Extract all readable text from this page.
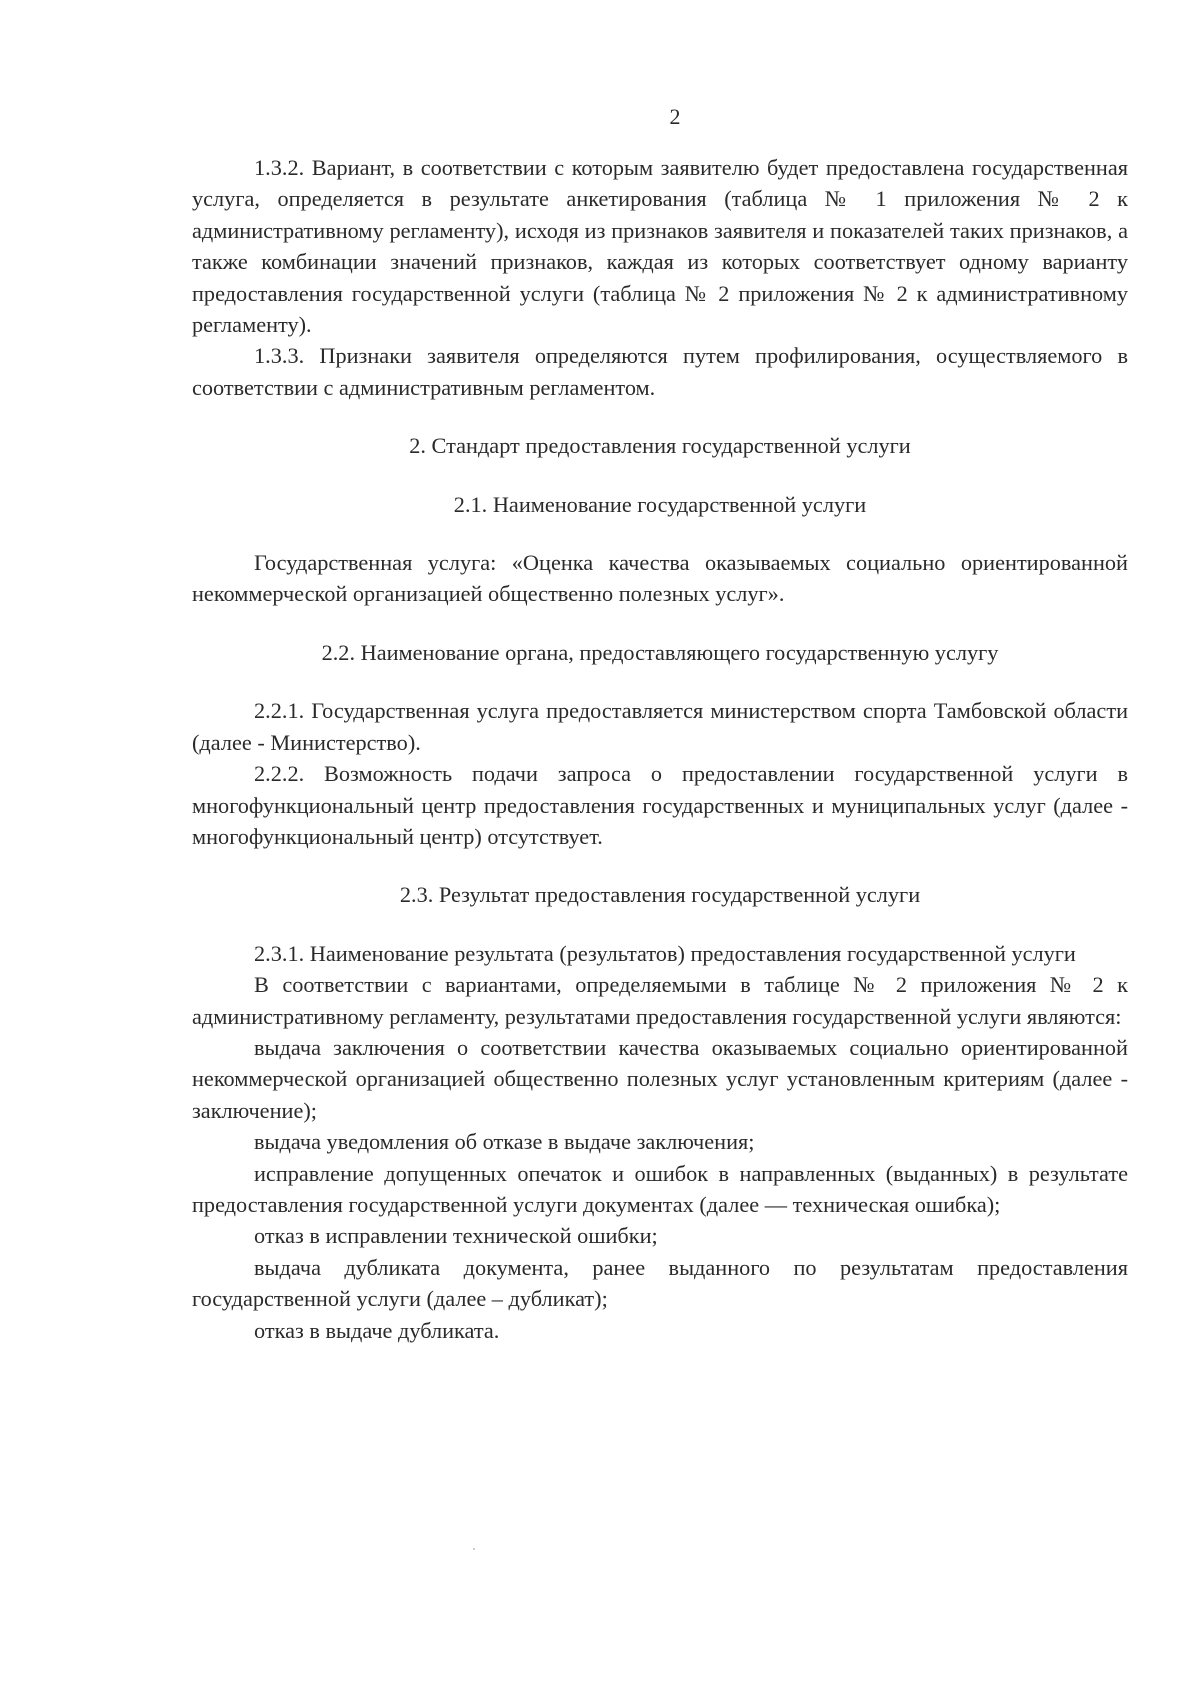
2

1.3.2. Вариант, в соответствии с которым заявителю будет предоставлена государственная услуга, определяется в результате анкетирования (таблица № 1 приложения № 2 к административному регламенту), исходя из признаков заявителя и показателей таких признаков, а также комбинации значений признаков, каждая из которых соответствует одному варианту предоставления государственной услуги (таблица № 2 приложения № 2 к административному регламенту).

1.3.3. Признаки заявителя определяются путем профилирования, осуществляемого в соответствии с административным регламентом.

2. Стандарт предоставления государственной услуги

2.1. Наименование государственной услуги

Государственная услуга: «Оценка качества оказываемых социально ориентированной некоммерческой организацией общественно полезных услуг».

2.2. Наименование органа, предоставляющего государственную услугу

2.2.1. Государственная услуга предоставляется министерством спорта Тамбовской области (далее - Министерство).

2.2.2. Возможность подачи запроса о предоставлении государственной услуги в многофункциональный центр предоставления государственных и муниципальных услуг (далее - многофункциональный центр) отсутствует.

2.3. Результат предоставления государственной услуги

2.3.1. Наименование результата (результатов) предоставления государственной услуги

В соответствии с вариантами, определяемыми в таблице № 2 приложения № 2 к административному регламенту, результатами предоставления государственной услуги являются:

выдача заключения о соответствии качества оказываемых социально ориентированной некоммерческой организацией общественно полезных услуг установленным критериям (далее - заключение);

выдача уведомления об отказе в выдаче заключения;

исправление допущенных опечаток и ошибок в направленных (выданных) в результате предоставления государственной услуги документах (далее — техническая ошибка);

отказ в исправлении технической ошибки;

выдача дубликата документа, ранее выданного по результатам предоставления государственной услуги (далее – дубликат);

отказ в выдаче дубликата.
